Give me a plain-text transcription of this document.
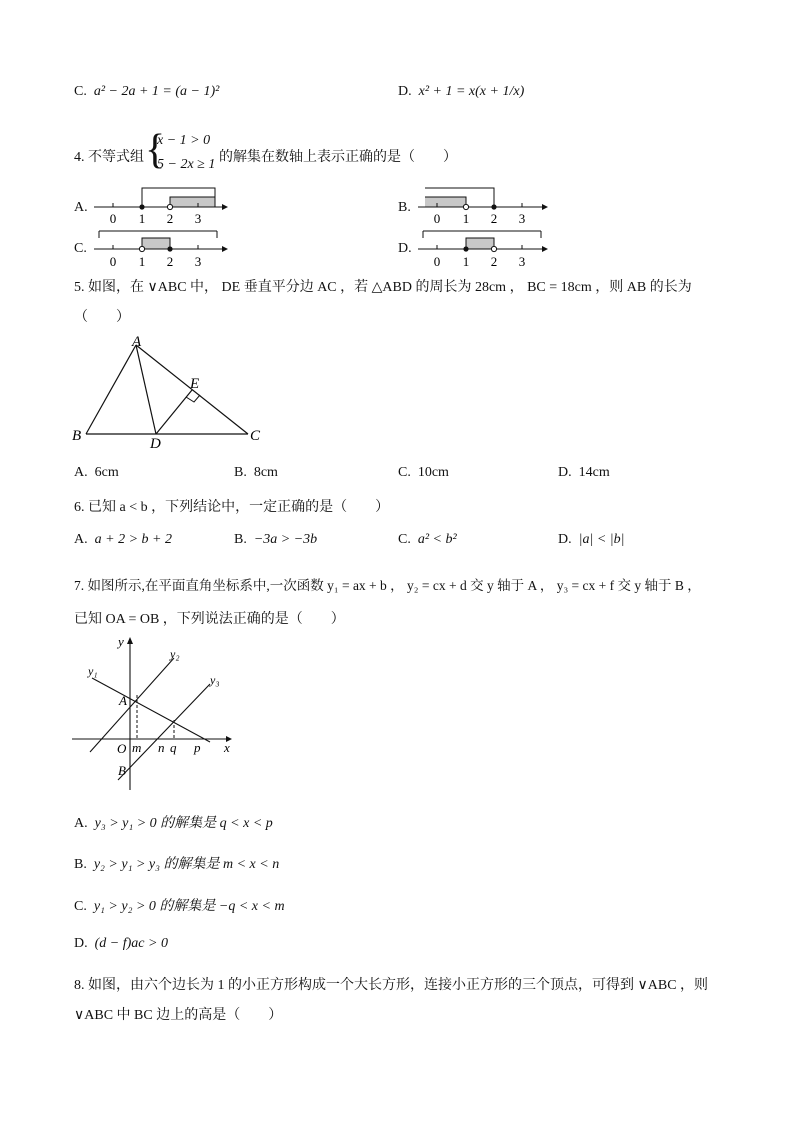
C. a² − 2a + 1 = (a − 1)²	D. x² + 1 = x(x + 1/x)
4. 不等式组 {
x − 1 > 0
5 − 2x ≥ 1 的解集在数轴上表示正确的是（　　）
A.
0 1 2 3
B.
0 1 2 3
C.
0 1 2 3
D.
0 1 2 3
5. 如图，在 ∨ABC 中， DE 垂直平分边 AC ，若 △ABD 的周长为 28cm ， BC = 18cm ，则 AB 的长为
（　　）
A
B	C
D
E
A. 6cm	B. 8cm	C. 10cm	D. 14cm
6. 已知 a < b ，下列结论中，一定正确的是（　　）
A. a + 2 > b + 2	B. −3a > −3b	C. a² < b²	D. |a| < |b|
7. 如图所示,在平面直角坐标系中,一次函数 y₁ = ax + b ， y₂ = cx + d 交 y 轴于 A ， y₃ = cx + f 交 y 轴于 B ，
已知 OA = OB ，下列说法正确的是（　　）
y
x
O
A
B
m n q p
y₁
y₂
y₃
A. y₃ > y₁ > 0 的解集是 q < x < p
B. y₂ > y₁ > y₃ 的解集是 m < x < n
C. y₁ > y₂ > 0 的解集是 −q < x < m
D. (d − f)ac > 0
8. 如图，由六个边长为 1 的小正方形构成一个大长方形，连接小正方形的三个顶点，可得到 ∨ABC ，则
∨ABC 中 BC 边上的高是（　　）
